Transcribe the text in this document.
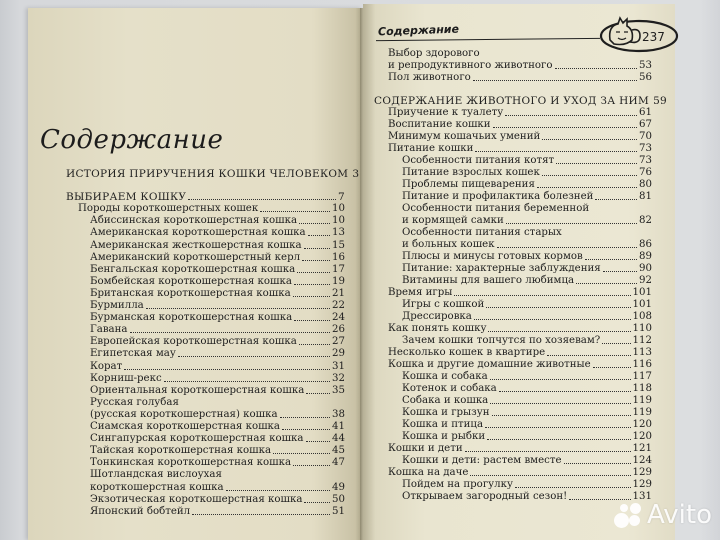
Содержание
ИСТОРИЯ ПРИРУЧЕНИЯ КОШКИ ЧЕЛОВЕКОМ 3
ВЫБИРАЕМ КОШКУ	7
Породы короткошерстных кошек	10
Абиссинская короткошерстная кошка	10
Американская короткошерстная кошка	13
Американская жесткошерстная кошка	15
Американский короткошерстный керл	16
Бенгальская короткошерстная кошка	17
Бомбейская короткошерстная кошка	19
Британская короткошерстная кошка	21
Бурмилла	22
Бурманская короткошерстная кошка	24
Гавана	26
Европейская короткошерстная кошка	27
Египетская мау	29
Корат	31
Корниш-рекс	32
Ориентальная короткошерстная кошка	35
Русская голубая
(русская короткошерстная) кошка	38
Сиамская короткошерстная кошка	41
Сингапурская короткошерстная кошка	44
Тайская короткошерстная кошка	45
Тонкинская короткошерстная кошка	47
Шотландская вислоухая
короткошерстная кошка	49
Экзотическая короткошерстная кошка	50
Японский бобтейл	51
Содержание	237
Выбор здорового
и репродуктивного животного	53
Пол животного	56
СОДЕРЖАНИЕ ЖИВОТНОГО И УХОД ЗА НИМ 59
Приучение к туалету	61
Воспитание кошки	67
Минимум кошачьих умений	70
Питание кошки	73
Особенности питания котят	73
Питание взрослых кошек	76
Проблемы пищеварения	80
Питание и профилактика болезней	81
Особенности питания беременной
и кормящей самки	82
Особенности питания старых
и больных кошек	86
Плюсы и минусы готовых кормов	89
Питание: характерные заблуждения	90
Витамины для вашего любимца	92
Время игры	101
Игры с кошкой	101
Дрессировка	108
Как понять кошку	110
Зачем кошки топчутся по хозяевам?	112
Несколько кошек в квартире	113
Кошка и другие домашние животные	116
Кошка и собака	117
Котенок и собака	118
Собака и кошка	119
Кошка и грызун	119
Кошка и птица	120
Кошка и рыбки	120
Кошки и дети	121
Кошки и дети: растем вместе	124
Кошка на даче	129
Пойдем на прогулку	129
Открываем загородный сезон!	131
Avito
